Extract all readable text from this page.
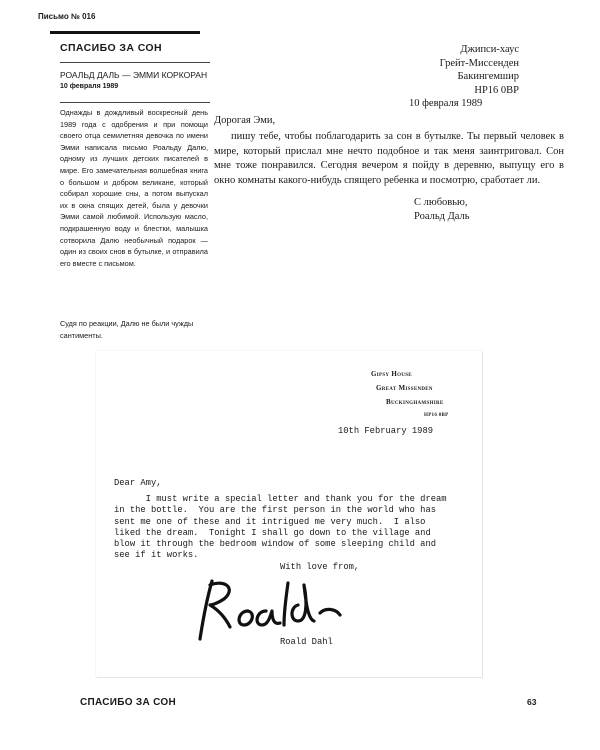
Письмо № 016
СПАСИБО ЗА СОН
РОАЛЬД ДАЛЬ — ЭММИ КОРКОРАН
10 февраля 1989
Однажды в дождливый воскресный день 1989 года с одобрения и при помощи своего отца семилетняя девочка по имени Эмми написала письмо Роальду Далю, одному из лучших детских писателей в мире. Его замечательная волшебная книга о большом и добром великане, который собирал хорошие сны, а потом выпускал их в окна спящих детей, была у девочки Эмми самой любимой. Использую масло, подкрашенную воду и блестки, малышка сотворила Далю необычный подарок — один из своих снов в бутылке, и отправила его вместе с письмом.
Судя по реакции, Далю не были чужды сантименты.
Джипси-хаус
Грейт-Миссенден
Бакингемшир
HP16 0BP
10 февраля 1989
Дорогая Эми,
пишу тебе, чтобы поблагодарить за сон в бутылке. Ты первый человек в мире, который прислал мне нечто подобное и так меня заинтриговал. Сон мне тоже понравился. Сегодня вечером я пойду в деревню, выпущу его в окно комнаты какого-нибудь спящего ребенка и посмотрю, сработает ли.
С любовью,
Роальд Даль
Gipsy House
Great Missenden
Buckinghamshire
HP16 0BP
10th February 1989
Dear Amy,
I must write a special letter and thank you for the dream
in the bottle.  You are the first person in the world who has
sent me one of these and it intrigued me very much.  I also
liked the dream.  Tonight I shall go down to the village and
blow it through the bedroom window of some sleeping child and
see if it works.
With love from,
Roald Dahl
СПАСИБО ЗА СОН	63
